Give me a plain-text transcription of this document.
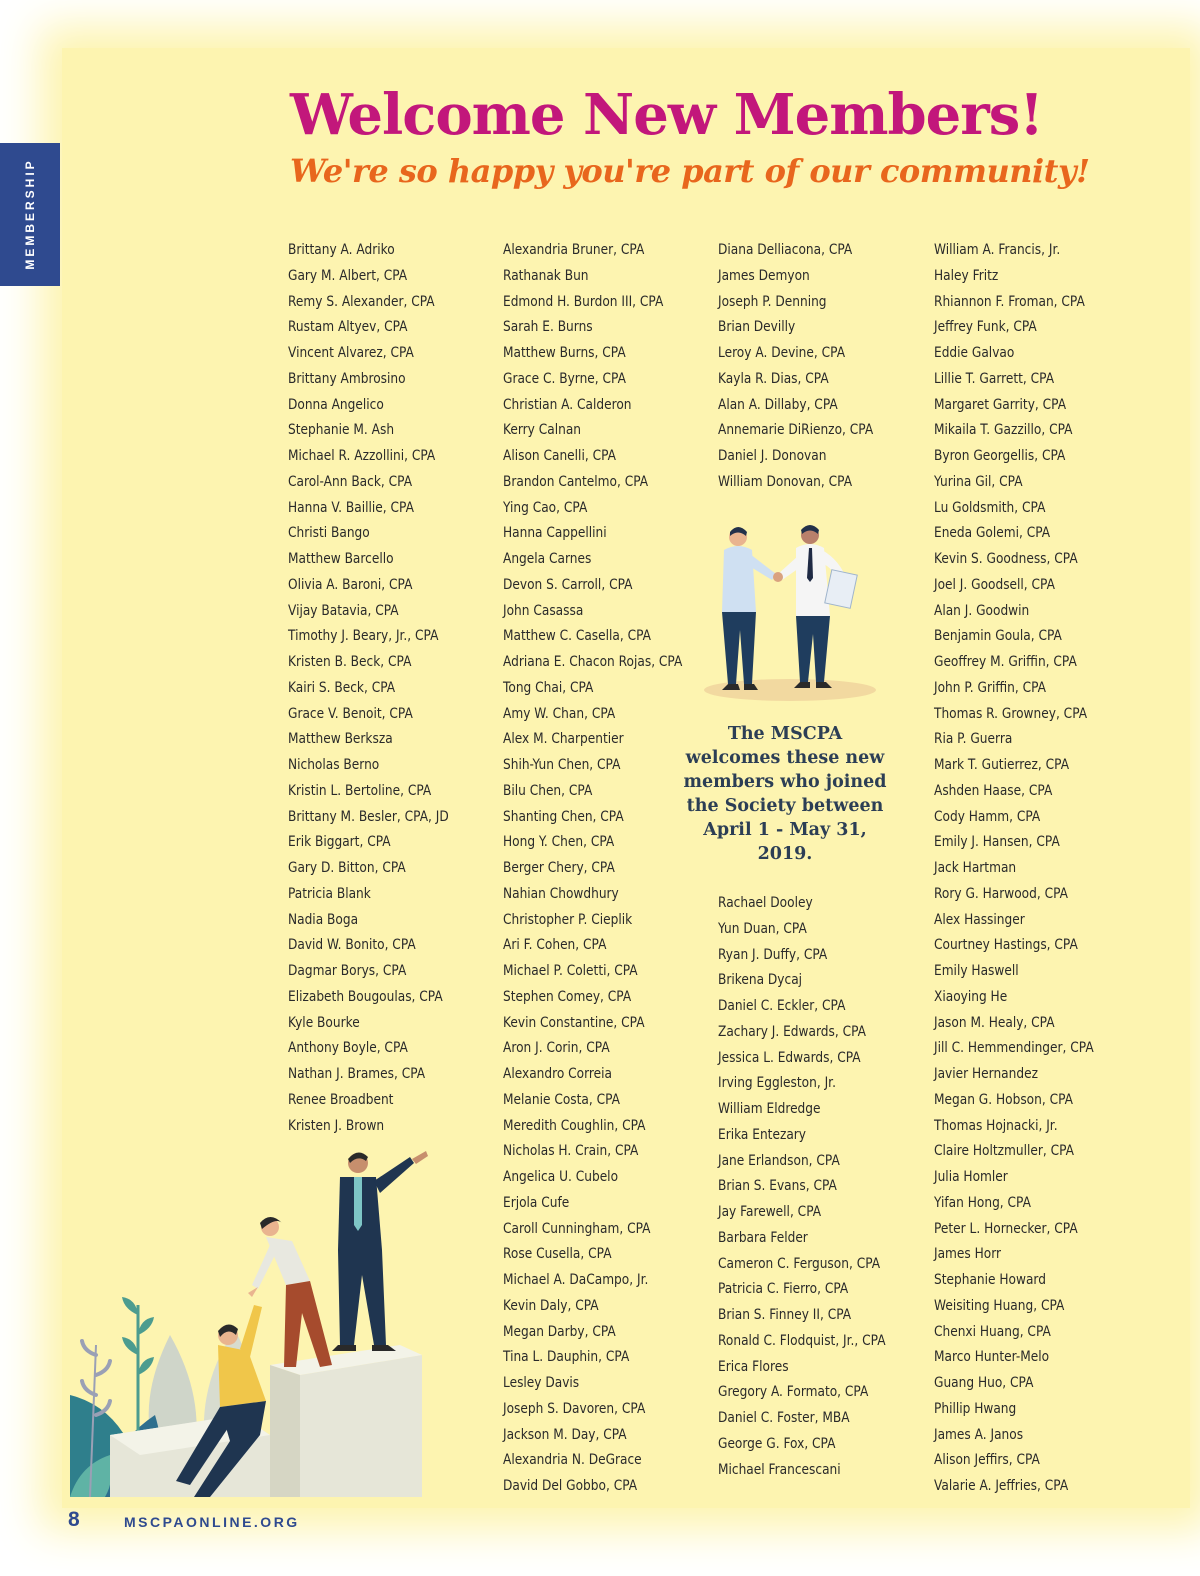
MEMBERSHIP
Welcome New Members!
We're so happy you're part of our community!
Brittany A. Adriko
Gary M. Albert, CPA
Remy S. Alexander, CPA
Rustam Altyev, CPA
Vincent Alvarez, CPA
Brittany Ambrosino
Donna Angelico
Stephanie M. Ash
Michael R. Azzollini, CPA
Carol-Ann Back, CPA
Hanna V. Baillie, CPA
Christi Bango
Matthew Barcello
Olivia A. Baroni, CPA
Vijay Batavia, CPA
Timothy J. Beary, Jr., CPA
Kristen B. Beck, CPA
Kairi S. Beck, CPA
Grace V. Benoit, CPA
Matthew Berksza
Nicholas Berno
Kristin L. Bertoline, CPA
Brittany M. Besler, CPA, JD
Erik Biggart, CPA
Gary D. Bitton, CPA
Patricia Blank
Nadia Boga
David W. Bonito, CPA
Dagmar Borys, CPA
Elizabeth Bougoulas, CPA
Kyle Bourke
Anthony Boyle, CPA
Nathan J. Brames, CPA
Renee Broadbent
Kristen J. Brown
Alexandria Bruner, CPA
Rathanak Bun
Edmond H. Burdon III, CPA
Sarah E. Burns
Matthew Burns, CPA
Grace C. Byrne, CPA
Christian A. Calderon
Kerry Calnan
Alison Canelli, CPA
Brandon Cantelmo, CPA
Ying Cao, CPA
Hanna Cappellini
Angela Carnes
Devon S. Carroll, CPA
John Casassa
Matthew C. Casella, CPA
Adriana E. Chacon Rojas, CPA
Tong Chai, CPA
Amy W. Chan, CPA
Alex M. Charpentier
Shih-Yun Chen, CPA
Bilu Chen, CPA
Shanting Chen, CPA
Hong Y. Chen, CPA
Berger Chery, CPA
Nahian Chowdhury
Christopher P. Cieplik
Ari F. Cohen, CPA
Michael P. Coletti, CPA
Stephen Comey, CPA
Kevin Constantine, CPA
Aron J. Corin, CPA
Alexandro Correia
Melanie Costa, CPA
Meredith Coughlin, CPA
Nicholas H. Crain, CPA
Angelica U. Cubelo
Erjola Cufe
Caroll Cunningham, CPA
Rose Cusella, CPA
Michael A. DaCampo, Jr.
Kevin Daly, CPA
Megan Darby, CPA
Tina L. Dauphin, CPA
Lesley Davis
Joseph S. Davoren, CPA
Jackson M. Day, CPA
Alexandria N. DeGrace
David Del Gobbo, CPA
Diana Delliacona, CPA
James Demyon
Joseph P. Denning
Brian Devilly
Leroy A. Devine, CPA
Kayla R. Dias, CPA
Alan A. Dillaby, CPA
Annemarie DiRienzo, CPA
Daniel J. Donovan
William Donovan, CPA
Rachael Dooley
Yun Duan, CPA
Ryan J. Duffy, CPA
Brikena Dycaj
Daniel C. Eckler, CPA
Zachary J. Edwards, CPA
Jessica L. Edwards, CPA
Irving Eggleston, Jr.
William Eldredge
Erika Entezary
Jane Erlandson, CPA
Brian S. Evans, CPA
Jay Farewell, CPA
Barbara Felder
Cameron C. Ferguson, CPA
Patricia C. Fierro, CPA
Brian S. Finney II, CPA
Ronald C. Flodquist, Jr., CPA
Erica Flores
Gregory A. Formato, CPA
Daniel C. Foster, MBA
George G. Fox, CPA
Michael Francescani
William A. Francis, Jr.
Haley Fritz
Rhiannon F. Froman, CPA
Jeffrey Funk, CPA
Eddie Galvao
Lillie T. Garrett, CPA
Margaret Garrity, CPA
Mikaila T. Gazzillo, CPA
Byron Georgellis, CPA
Yurina Gil, CPA
Lu Goldsmith, CPA
Eneda Golemi, CPA
Kevin S. Goodness, CPA
Joel J. Goodsell, CPA
Alan J. Goodwin
Benjamin Goula, CPA
Geoffrey M. Griffin, CPA
John P. Griffin, CPA
Thomas R. Growney, CPA
Ria P. Guerra
Mark T. Gutierrez, CPA
Ashden Haase, CPA
Cody Hamm, CPA
Emily J. Hansen, CPA
Jack Hartman
Rory G. Harwood, CPA
Alex Hassinger
Courtney Hastings, CPA
Emily Haswell
Xiaoying He
Jason M. Healy, CPA
Jill C. Hemmendinger, CPA
Javier Hernandez
Megan G. Hobson, CPA
Thomas Hojnacki, Jr.
Claire Holtzmuller, CPA
Julia Homler
Yifan Hong, CPA
Peter L. Hornecker, CPA
James Horr
Stephanie Howard
Weisiting Huang, CPA
Chenxi Huang, CPA
Marco Hunter-Melo
Guang Huo, CPA
Phillip Hwang
James A. Janos
Alison Jeffirs, CPA
Valarie A. Jeffries, CPA
The MSCPA welcomes these new members who joined the Society between April 1 - May 31, 2019.
8	MSCPAONLINE.ORG
